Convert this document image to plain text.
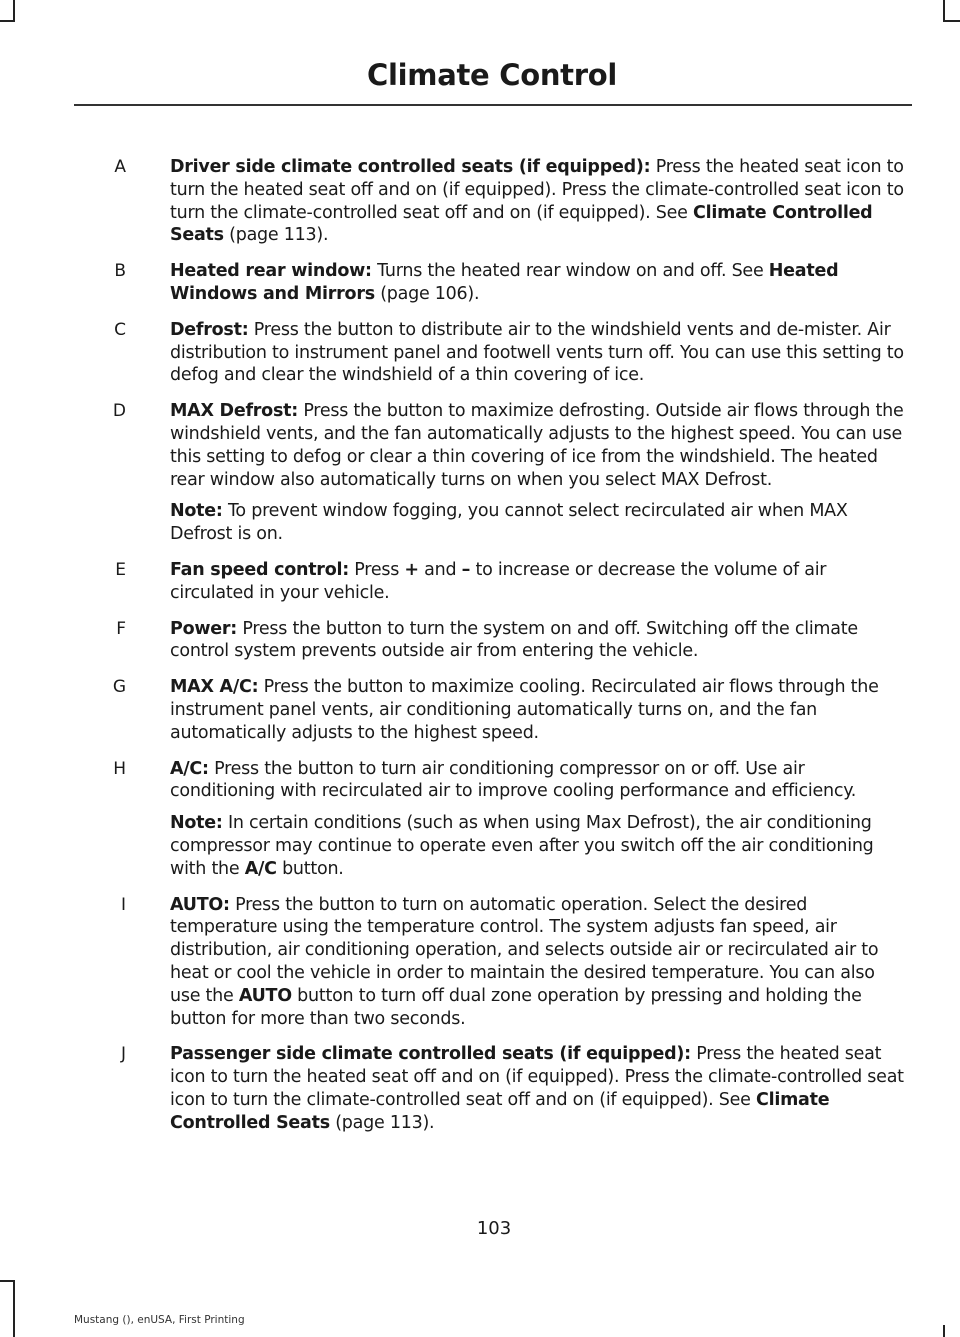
Climate Control
A	Driver side climate controlled seats (if equipped): Press the heated seat icon to turn the heated seat off and on (if equipped). Press the climate-controlled seat icon to turn the climate-controlled seat off and on (if equipped). See Climate Controlled Seats (page 113).
B	Heated rear window: Turns the heated rear window on and off. See Heated Windows and Mirrors (page 106).
C	Defrost: Press the button to distribute air to the windshield vents and de-mister. Air distribution to instrument panel and footwell vents turn off. You can use this setting to defog and clear the windshield of a thin covering of ice.
D	MAX Defrost: Press the button to maximize defrosting. Outside air flows through the windshield vents, and the fan automatically adjusts to the highest speed. You can use this setting to defog or clear a thin covering of ice from the windshield. The heated rear window also automatically turns on when you select MAX Defrost.
Note: To prevent window fogging, you cannot select recirculated air when MAX Defrost is on.
E	Fan speed control: Press + and – to increase or decrease the volume of air circulated in your vehicle.
F	Power: Press the button to turn the system on and off. Switching off the climate control system prevents outside air from entering the vehicle.
G	MAX A/C: Press the button to maximize cooling. Recirculated air flows through the instrument panel vents, air conditioning automatically turns on, and the fan automatically adjusts to the highest speed.
H	A/C: Press the button to turn air conditioning compressor on or off. Use air conditioning with recirculated air to improve cooling performance and efficiency.
Note: In certain conditions (such as when using Max Defrost), the air conditioning compressor may continue to operate even after you switch off the air conditioning with the A/C button.
I	AUTO: Press the button to turn on automatic operation. Select the desired temperature using the temperature control. The system adjusts fan speed, air distribution, air conditioning operation, and selects outside air or recirculated air to heat or cool the vehicle in order to maintain the desired temperature. You can also use the AUTO button to turn off dual zone operation by pressing and holding the button for more than two seconds.
J	Passenger side climate controlled seats (if equipped): Press the heated seat icon to turn the heated seat off and on (if equipped). Press the climate-controlled seat icon to turn the climate-controlled seat off and on (if equipped). See Climate Controlled Seats (page 113).
103
Mustang (), enUSA, First Printing
